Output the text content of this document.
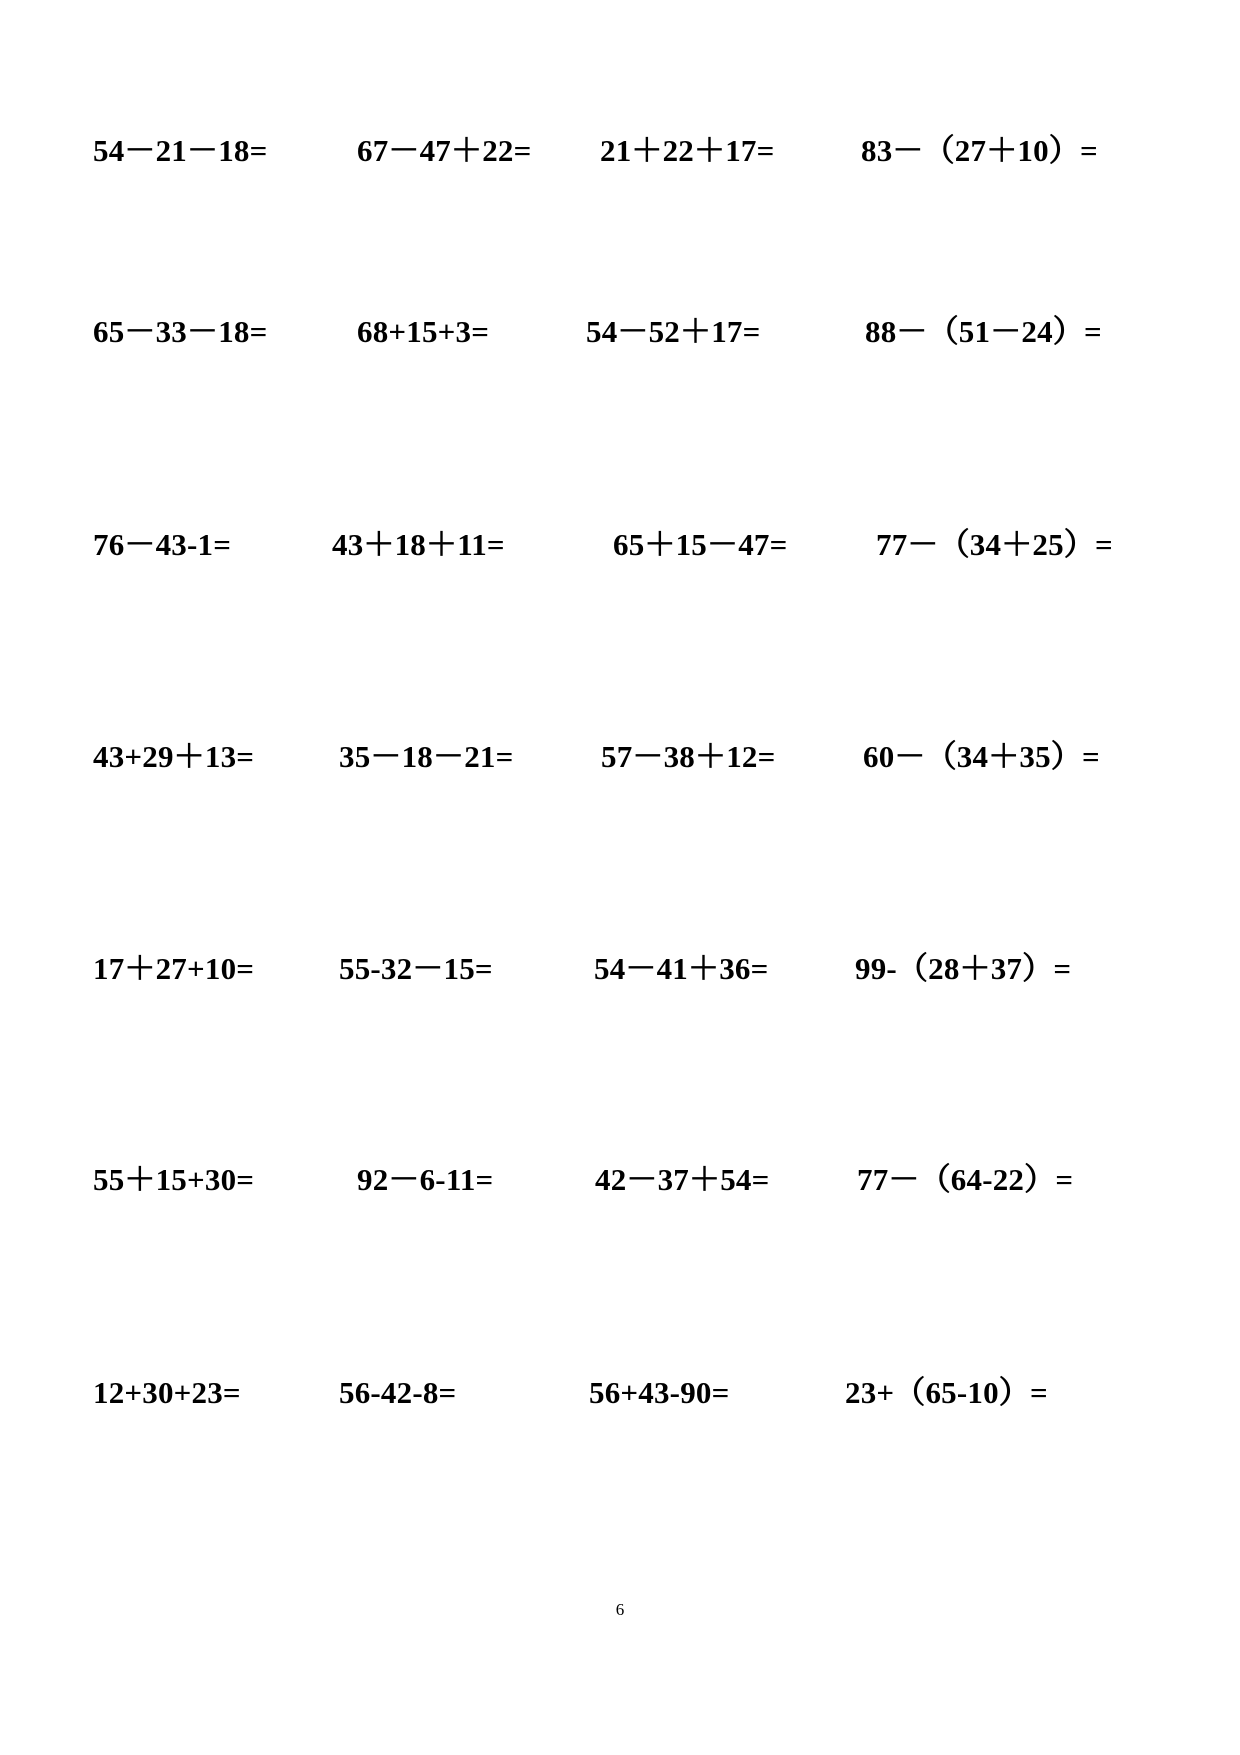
54－21－18=	67－47＋22= 21＋22＋17=	83－（27＋10）=
65－33－18=	68+15+3=	54－52＋17=	88－（51－24）=
76－43-1=	43＋18＋11=	65＋15－47=	77－（34＋25）=
43+29＋13=	35－18－21=	57－38＋12=	60－（34＋35）=
17＋27+10=	55-32－15=	54－41＋36=	99-（28＋37）=
55＋15+30=	92－6-11=	42－37＋54=	77－（64-22）=
12+30+23=	56-42-8=	56+43-90=	23+（65-10）=
6
